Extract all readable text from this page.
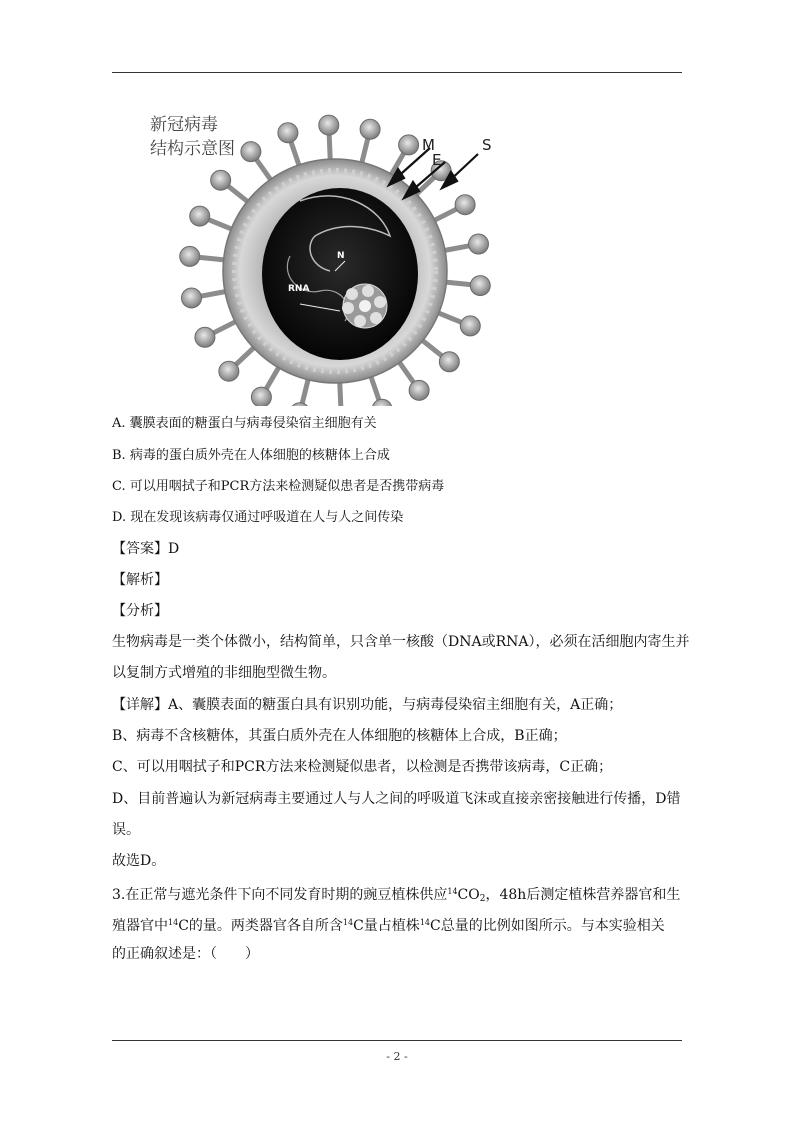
N
RNA
新冠病毒
结构示意图	M
E
S
A. 囊膜表面的糖蛋白与病毒侵染宿主细胞有关
B. 病毒的蛋白质外壳在人体细胞的核糖体上合成
C. 可以用咽拭子和PCR方法来检测疑似患者是否携带病毒
D. 现在发现该病毒仅通过呼吸道在人与人之间传染
【答案】D
【解析】
【分析】
生物病毒是一类个体微小，结构简单，只含单一核酸（DNA或RNA），必须在活细胞内寄生并
以复制方式增殖的非细胞型微生物。
【详解】A、囊膜表面的糖蛋白具有识别功能，与病毒侵染宿主细胞有关，A正确；
B、病毒不含核糖体，其蛋白质外壳在人体细胞的核糖体上合成，B正确；
C、可以用咽拭子和PCR方法来检测疑似患者，以检测是否携带该病毒，C正确；
D、目前普遍认为新冠病毒主要通过人与人之间的呼吸道飞沫或直接亲密接触进行传播，D错
误。
故选D。
3.在正常与遮光条件下向不同发育时期的豌豆植株供应$^{14}CO_2$，48h后测定植株营养器官和生
殖器官中$^{14}$C的量。两类器官各自所含$^{14}$C量占植株$^{14}$C总量的比例如图所示。与本实验相关
的正确叙述是：（　　）
- 2 -
